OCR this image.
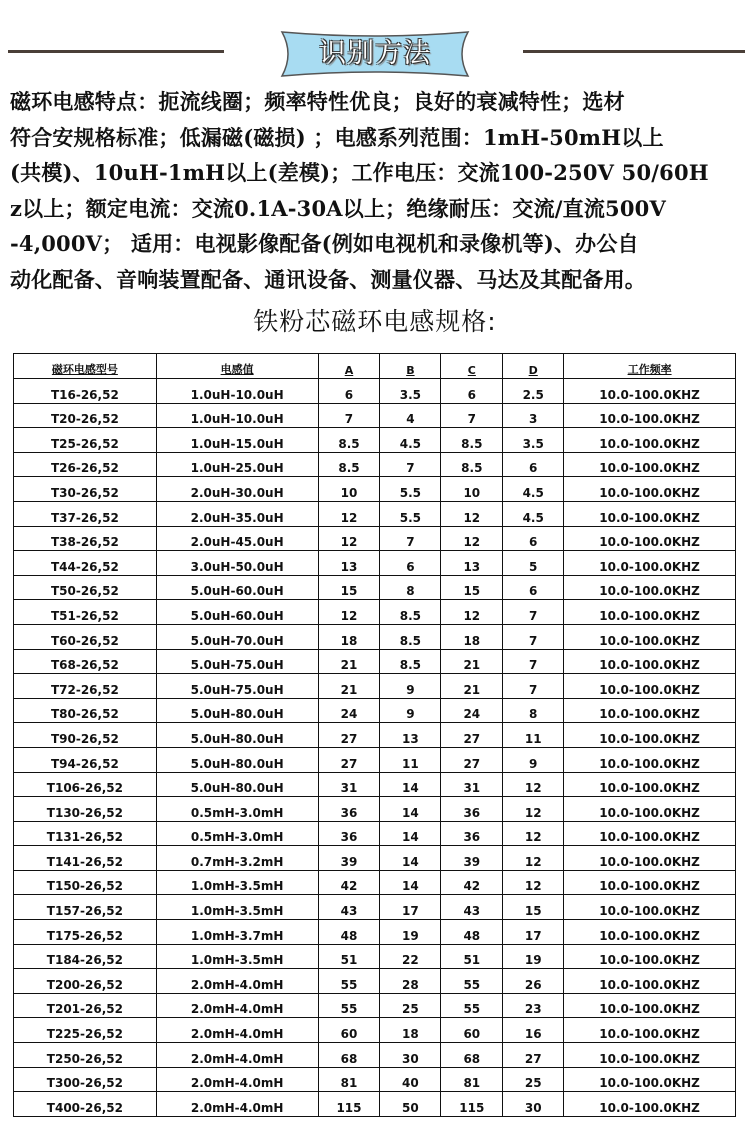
识别方法
磁环电感特点：扼流线圈；频率特性优良；良好的衰减特性；选材
符合安规格标准；低漏磁(磁损) ；电感系列范围：1mH-50mH以上
(共模)、10uH-1mH以上(差模)；工作电压：交流100-250V 50/60H
z以上；额定电流：交流0.1A-30A以上；绝缘耐压：交流/直流500V
-4,000V； 适用：电视影像配备(例如电视机和录像机等)、办公自
动化配备、音响装置配备、通讯设备、测量仪器、马达及其配备用。
铁粉芯磁环电感规格:
磁环电感型号	电感值	A	B	C	D	工作频率
T16-26,52	1.0uH-10.0uH	6	3.5	6	2.5	10.0-100.0KHZ
T20-26,52	1.0uH-10.0uH	7	4	7	3	10.0-100.0KHZ
T25-26,52	1.0uH-15.0uH	8.5	4.5	8.5	3.5	10.0-100.0KHZ
T26-26,52	1.0uH-25.0uH	8.5	7	8.5	6	10.0-100.0KHZ
T30-26,52	2.0uH-30.0uH	10	5.5	10	4.5	10.0-100.0KHZ
T37-26,52	2.0uH-35.0uH	12	5.5	12	4.5	10.0-100.0KHZ
T38-26,52	2.0uH-45.0uH	12	7	12	6	10.0-100.0KHZ
T44-26,52	3.0uH-50.0uH	13	6	13	5	10.0-100.0KHZ
T50-26,52	5.0uH-60.0uH	15	8	15	6	10.0-100.0KHZ
T51-26,52	5.0uH-60.0uH	12	8.5	12	7	10.0-100.0KHZ
T60-26,52	5.0uH-70.0uH	18	8.5	18	7	10.0-100.0KHZ
T68-26,52	5.0uH-75.0uH	21	8.5	21	7	10.0-100.0KHZ
T72-26,52	5.0uH-75.0uH	21	9	21	7	10.0-100.0KHZ
T80-26,52	5.0uH-80.0uH	24	9	24	8	10.0-100.0KHZ
T90-26,52	5.0uH-80.0uH	27	13	27	11	10.0-100.0KHZ
T94-26,52	5.0uH-80.0uH	27	11	27	9	10.0-100.0KHZ
T106-26,52	5.0uH-80.0uH	31	14	31	12	10.0-100.0KHZ
T130-26,52	0.5mH-3.0mH	36	14	36	12	10.0-100.0KHZ
T131-26,52	0.5mH-3.0mH	36	14	36	12	10.0-100.0KHZ
T141-26,52	0.7mH-3.2mH	39	14	39	12	10.0-100.0KHZ
T150-26,52	1.0mH-3.5mH	42	14	42	12	10.0-100.0KHZ
T157-26,52	1.0mH-3.5mH	43	17	43	15	10.0-100.0KHZ
T175-26,52	1.0mH-3.7mH	48	19	48	17	10.0-100.0KHZ
T184-26,52	1.0mH-3.5mH	51	22	51	19	10.0-100.0KHZ
T200-26,52	2.0mH-4.0mH	55	28	55	26	10.0-100.0KHZ
T201-26,52	2.0mH-4.0mH	55	25	55	23	10.0-100.0KHZ
T225-26,52	2.0mH-4.0mH	60	18	60	16	10.0-100.0KHZ
T250-26,52	2.0mH-4.0mH	68	30	68	27	10.0-100.0KHZ
T300-26,52	2.0mH-4.0mH	81	40	81	25	10.0-100.0KHZ
T400-26,52	2.0mH-4.0mH	115	50	115	30	10.0-100.0KHZ
